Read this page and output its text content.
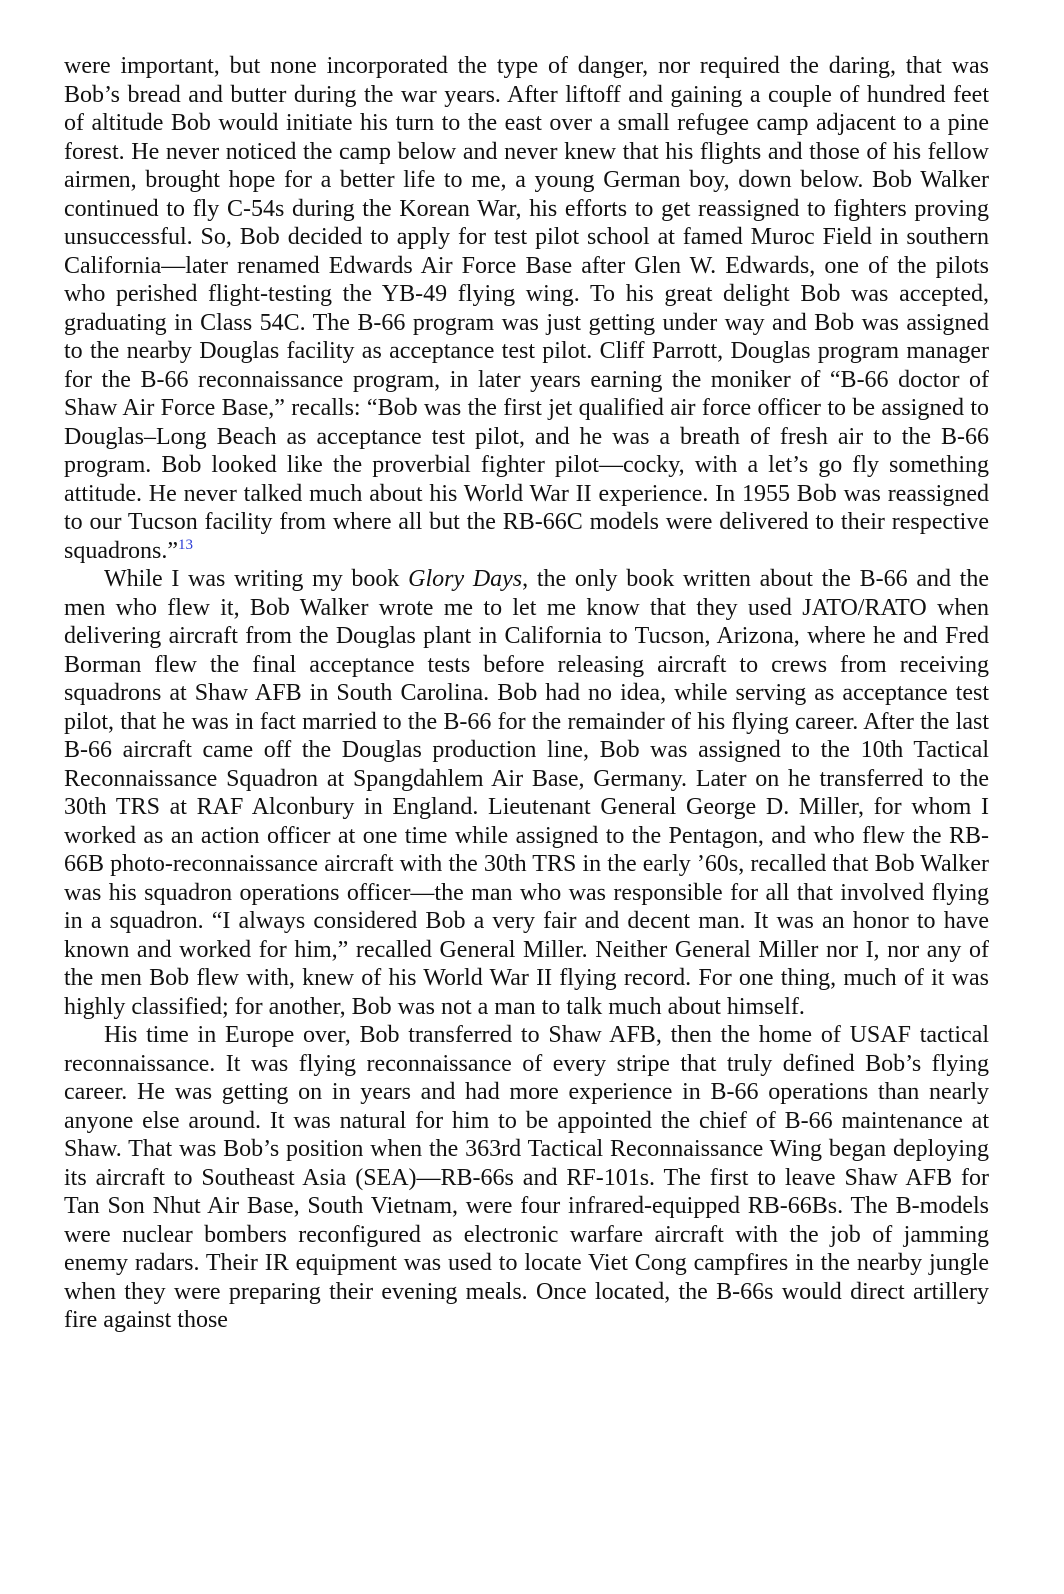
were important, but none incorporated the type of danger, nor required the daring, that was Bob’s bread and butter during the war years. After liftoff and gaining a couple of hundred feet of altitude Bob would initiate his turn to the east over a small refugee camp adjacent to a pine forest. He never noticed the camp below and never knew that his flights and those of his fellow airmen, brought hope for a better life to me, a young German boy, down below. Bob Walker continued to fly C-54s during the Korean War, his efforts to get reassigned to fighters proving unsuccessful. So, Bob decided to apply for test pilot school at famed Muroc Field in southern California—later renamed Edwards Air Force Base after Glen W. Edwards, one of the pilots who perished flight-testing the YB-49 flying wing. To his great delight Bob was accepted, graduating in Class 54C. The B-66 program was just getting under way and Bob was assigned to the nearby Douglas facility as acceptance test pilot. Cliff Parrott, Douglas program manager for the B-66 reconnaissance program, in later years earning the moniker of “B-66 doctor of Shaw Air Force Base,” recalls: “Bob was the first jet qualified air force officer to be assigned to Douglas–Long Beach as acceptance test pilot, and he was a breath of fresh air to the B-66 program. Bob looked like the proverbial fighter pilot—cocky, with a let’s go fly something attitude. He never talked much about his World War II experience. In 1955 Bob was reassigned to our Tucson facility from where all but the RB-66C models were delivered to their respective squadrons.”$^{13}$

While I was writing my book Glory Days, the only book written about the B-66 and the men who flew it, Bob Walker wrote me to let me know that they used JATO/RATO when delivering aircraft from the Douglas plant in California to Tucson, Arizona, where he and Fred Borman flew the final acceptance tests before releasing aircraft to crews from receiving squadrons at Shaw AFB in South Carolina. Bob had no idea, while serving as acceptance test pilot, that he was in fact married to the B-66 for the remainder of his flying career. After the last B-66 aircraft came off the Douglas production line, Bob was assigned to the 10th Tactical Reconnaissance Squadron at Spangdahlem Air Base, Germany. Later on he transferred to the 30th TRS at RAF Alconbury in England. Lieutenant General George D. Miller, for whom I worked as an action officer at one time while assigned to the Pentagon, and who flew the RB-66B photo-reconnaissance aircraft with the 30th TRS in the early ’60s, recalled that Bob Walker was his squadron operations officer—the man who was responsible for all that involved flying in a squadron. “I always considered Bob a very fair and decent man. It was an honor to have known and worked for him,” recalled General Miller. Neither General Miller nor I, nor any of the men Bob flew with, knew of his World War II flying record. For one thing, much of it was highly classified; for another, Bob was not a man to talk much about himself.

His time in Europe over, Bob transferred to Shaw AFB, then the home of USAF tactical reconnaissance. It was flying reconnaissance of every stripe that truly defined Bob’s flying career. He was getting on in years and had more experience in B-66 operations than nearly anyone else around. It was natural for him to be appointed the chief of B-66 maintenance at Shaw. That was Bob’s position when the 363rd Tactical Reconnaissance Wing began deploying its aircraft to Southeast Asia (SEA)—RB-66s and RF-101s. The first to leave Shaw AFB for Tan Son Nhut Air Base, South Vietnam, were four infrared-equipped RB-66Bs. The B-models were nuclear bombers reconfigured as electronic warfare aircraft with the job of jamming enemy radars. Their IR equipment was used to locate Viet Cong campfires in the nearby jungle when they were preparing their evening meals. Once located, the B-66s would direct artillery fire against those
